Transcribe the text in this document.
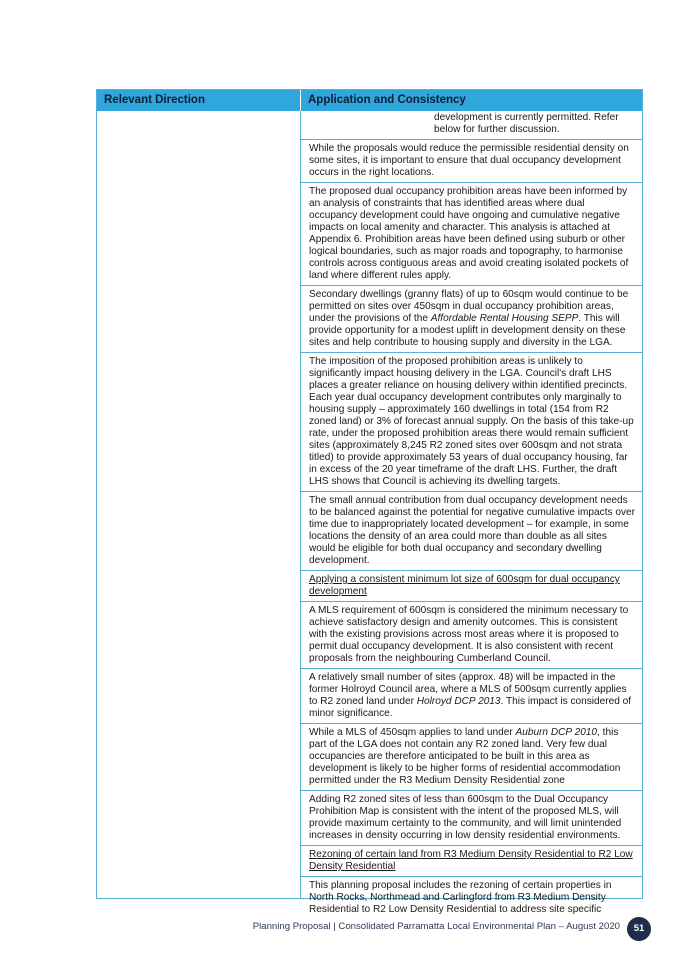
Relevant Direction	Application and Consistency
development is currently permitted. Refer below for further discussion.
While the proposals would reduce the permissible residential density on some sites, it is important to ensure that dual occupancy development occurs in the right locations.
The proposed dual occupancy prohibition areas have been informed by an analysis of constraints that has identified areas where dual occupancy development could have ongoing and cumulative negative impacts on local amenity and character. This analysis is attached at Appendix 6. Prohibition areas have been defined using suburb or other logical boundaries, such as major roads and topography, to harmonise controls across contiguous areas and avoid creating isolated pockets of land where different rules apply.
Secondary dwellings (granny flats) of up to 60sqm would continue to be permitted on sites over 450sqm in dual occupancy prohibition areas, under the provisions of the Affordable Rental Housing SEPP. This will provide opportunity for a modest uplift in development density on these sites and help contribute to housing supply and diversity in the LGA.
The imposition of the proposed prohibition areas is unlikely to significantly impact housing delivery in the LGA. Council's draft LHS places a greater reliance on housing delivery within identified precincts. Each year dual occupancy development contributes only marginally to housing supply – approximately 160 dwellings in total (154 from R2 zoned land) or 3% of forecast annual supply. On the basis of this take-up rate, under the proposed prohibition areas there would remain sufficient sites (approximately 8,245 R2 zoned sites over 600sqm and not strata titled) to provide approximately 53 years of dual occupancy housing, far in excess of the 20 year timeframe of the draft LHS. Further, the draft LHS shows that Council is achieving its dwelling targets.
The small annual contribution from dual occupancy development needs to be balanced against the potential for negative cumulative impacts over time due to inappropriately located development – for example, in some locations the density of an area could more than double as all sites would be eligible for both dual occupancy and secondary dwelling development.
Applying a consistent minimum lot size of 600sqm for dual occupancy development
A MLS requirement of 600sqm is considered the minimum necessary to achieve satisfactory design and amenity outcomes. This is consistent with the existing provisions across most areas where it is proposed to permit dual occupancy development. It is also consistent with recent proposals from the neighbouring Cumberland Council.
A relatively small number of sites (approx. 48) will be impacted in the former Holroyd Council area, where a MLS of 500sqm currently applies to R2 zoned land under Holroyd DCP 2013. This impact is considered of minor significance.
While a MLS of 450sqm applies to land under Auburn DCP 2010, this part of the LGA does not contain any R2 zoned land. Very few dual occupancies are therefore anticipated to be built in this area as development is likely to be higher forms of residential accommodation permitted under the R3 Medium Density Residential zone
Adding R2 zoned sites of less than 600sqm to the Dual Occupancy Prohibition Map is consistent with the intent of the proposed MLS, will provide maximum certainty to the community, and will limit unintended increases in density occurring in low density residential environments.
Rezoning of certain land from R3 Medium Density Residential to R2 Low Density Residential
This planning proposal includes the rezoning of certain properties in North Rocks, Northmead and Carlingford from R3 Medium Density Residential to R2 Low Density Residential to address site specific
Planning Proposal | Consolidated Parramatta Local Environmental Plan – August 2020	51
